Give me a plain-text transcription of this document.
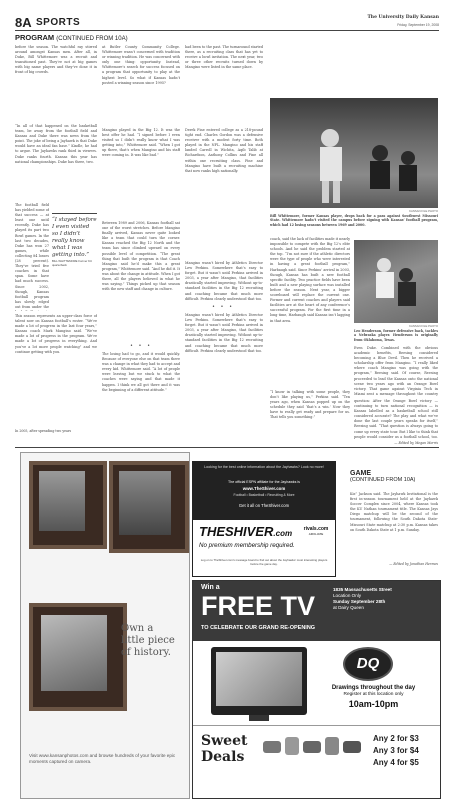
8A SPORTS	The University Daily Kansan
Friday, September 19, 2008
PROGRAM (CONTINUED FROM 10A)
before the season. The watchful ray stirred around amongst Kansas men. After all, in Duke, Bill Whittemore was a recruit and transitioned past. They’re not at big games with big name players and they’ve done it in front of big crowds.
“In all of that happened on the basketball team, be away from the football field and Kansas and Duke there was news from the point. The joke of being a Jayhawk is that Duke would have an ideal fan base.” Kindle, he had to argue. The Jayhawks rank third in viewers. Duke ranks fourth. Kansas this year has national championships. Duke has three, two.
The football field has yielded some of that success — at least one until recently. Duke has played its part two Bowl games. In the last two decades, Duke has won 27 games, while collecting 84 losses (28 percent). They’ve tried five coaches in that span. Some have had much success. Since 2002, though, Kansas football program has slowly edged out from under the
“I stayed before I even visited so I didn’t really know what I was getting into.”
BILL WHITTEMORE Former KU quarterback
This season represents an upper-class force of talent now on Kansas football’s roster. “We’re made a lot of progress in the last four years,” Kansas coach Mark Mangino said. “We’ve made a lot of progress in the program. We’re made a lot of progress in everything. And you’ve a lot more people watching” and we continue getting with you.
at Butler County Community College. Whittemore wasn’t concerned with tradition or winning tradition. He was concerned with only one thing: opportunity. Instead, Whittemore’s search for success focused on a program that opportunity to play at the highest level. So what if Kansas hadn’t posted a winning season since 1995?
Mangino played in the Big 12. It was the best offer he had. “I signed before I even visited so I didn’t really know what I was getting into,” Whittemore said. “When I got up there, that’s when Mangino and his staff were coming in. It was like bad.”
Between 1989 and 2006, Kansas football sat one of the worst stretches. Before Mangino finally arrived, Kansas never quite looked like a team that could turn the corner. Kansas reached the Big 12 North and the team has since climbed upward on every possible level of competition. “The great thing that built the program is that Coach Mangino said he’d make this a great program,” Whittemore said. “And he did it. It was about the change in attitude. When I got there, all the players believed in what he was saying.” Things picked up that season with the new staff and change in culture.
• • •
The losing had to go, and it would quickly. Because of everyone else on that team there was a change in what they had to accept and every kid. Whittemore said. “A lot of people were leaving but we stuck to what the coaches were saying and that made it happen. I think we all got there and it was the beginning of a different attitude.”
had been to the past. The turnaround started there, as a recruiting class that has yet to receive a bowl invitation. The next year, two or three other recruits turned down by Mangino were listed in the same place.
Derek Fine entered college as a 218-pound tight end. Charles Gordon was a defensive receiver with a modest forty time. Both played in the NFL. Mangino and his staff landed Carroll in Wichita, Aqib Talib at Richardson, Anthony Collins and Fine all within one recruiting class. Fine and Mangino have built a recruiting machine that now ranks high nationally.
Mangino wasn’t hired by Athletics Director Lew Perkins. Somewhere that’s easy to forget. But it wasn’t until Perkins arrived in 2003, a year after Mangino, that facilities drastically started improving. Without up-to-standard facilities in the Big 12 recruiting and coaching became that much more difficult. Perkins clearly understood that too.
• • •
Mangino wasn’t hired by Athletics Director Lew Perkins. Somewhere that’s easy to forget. But it wasn’t until Perkins arrived in 2003, a year after Mangino, that facilities drastically started improving. Without up-to-standard facilities in the Big 12 recruiting and coaching became that much more difficult. Perkins clearly understood that too.
KANSAN FILE PHOTO
Bill Whittemore, former Kansas player, drops back for a pass against Southwest Missouri State. Whittemore hadn’t visited the campus before signing with Kansas’ football program, which had 12 losing seasons between 1969 and 2000.
coach, said the lack of facilities made it nearly impossible to compete with the Big 12’s elite schools. And he said the problem started at the top. “I’m not sure if the athletic directors were the type of people who were interested in having a great football program,” Harbaugh said. Since Perkins’ arrival in 2003, though, Kansas has built a new football specific facility. Two practice fields have been built and a new playing surface was installed before the season. Next year, a bigger scoreboard will replace the current one. Former and current coaches and players said facilities are at the heart of any conference’s successful program. For the first time in a long time, Harbaugh said Kansas isn’t lagging in that area.
“I know in talking with some people, they don’t like playing us,” Perkins said. “Ten years ago, when Kansas popped up on the schedule they said ‘that’s a win.’ Now they have to really get ready and prepare for us. That tells you something.”
KANSAN FILE PHOTO
Leo Henderson, former defensive back, tackles a Nebraska player. Henderson is originally from Oklahoma, Texas.
Even Duke. Combined with the obvious academic benefits, Reesing considered becoming a Blue Devil. Then he received a scholarship offer from Mangino. “I really liked where coach Mangino was going with the program,” Reesing said. Of course, Reesing proceeded to lead the Kansas onto the national scene two years ago with an Orange Bowl victory. That game against Virginia Tech in Miami sent a message throughout the country
question: After the Orange Bowl victory — continuing to turn national recognition — is Kansas labelled as a basketball school still considered accurate? The play and what we’ve done the last couple years speaks for itself,” Reesing said. “That question is always going to come up every state tour. But I like to think that people would consider us a football school, too.
— Edited by Megan Morris
In 2005, after spreading two years
Own a
little piece
of history.
Visit www.kansanphotos.com and browse hundreds of your favorite epic moments captured on camera.
Looking for the best online information about the Jayhawks? Look no more!
The official ESPN affiliate for the Jayhawks is
www.TheShiver.com
Football • Basketball • Recruiting & More
Get it all on TheShiver.com
THESHIVER.com	rivals.com
AFFILIATE
No premium membership required.
Log on to TheShiver.com’s message board to find out about the Jayhawks' most interesting players before the game day.
GAME
(CONTINUED FROM 10A)
Kis” Jackson said. The Jayhawk Invitational is the first in-season tournament held at the Jayhawk Soccer Complex since 2004, where Kansas took the KU Nathan tournament title. The Kansas Jays Diego matchup will be the second of the tournament, following the South Dakota State-Missouri State matchup at 2:30 p.m. Kansas takes on South Dakota State at 1 p.m. Sunday.
— Edited by Jonathan Hermes
Win a
FREE TV
TO CELEBRATE OUR GRAND RE-OPENING
1835 Massachusetts Street
Location Only
Sunday September 28th
at Dairy Queen
DQ
Drawings throughout the day
Register at this location only
10am-10pm
Sweet
Deals
Any 2 for $3
Any 3 for $4
Any 4 for $5
